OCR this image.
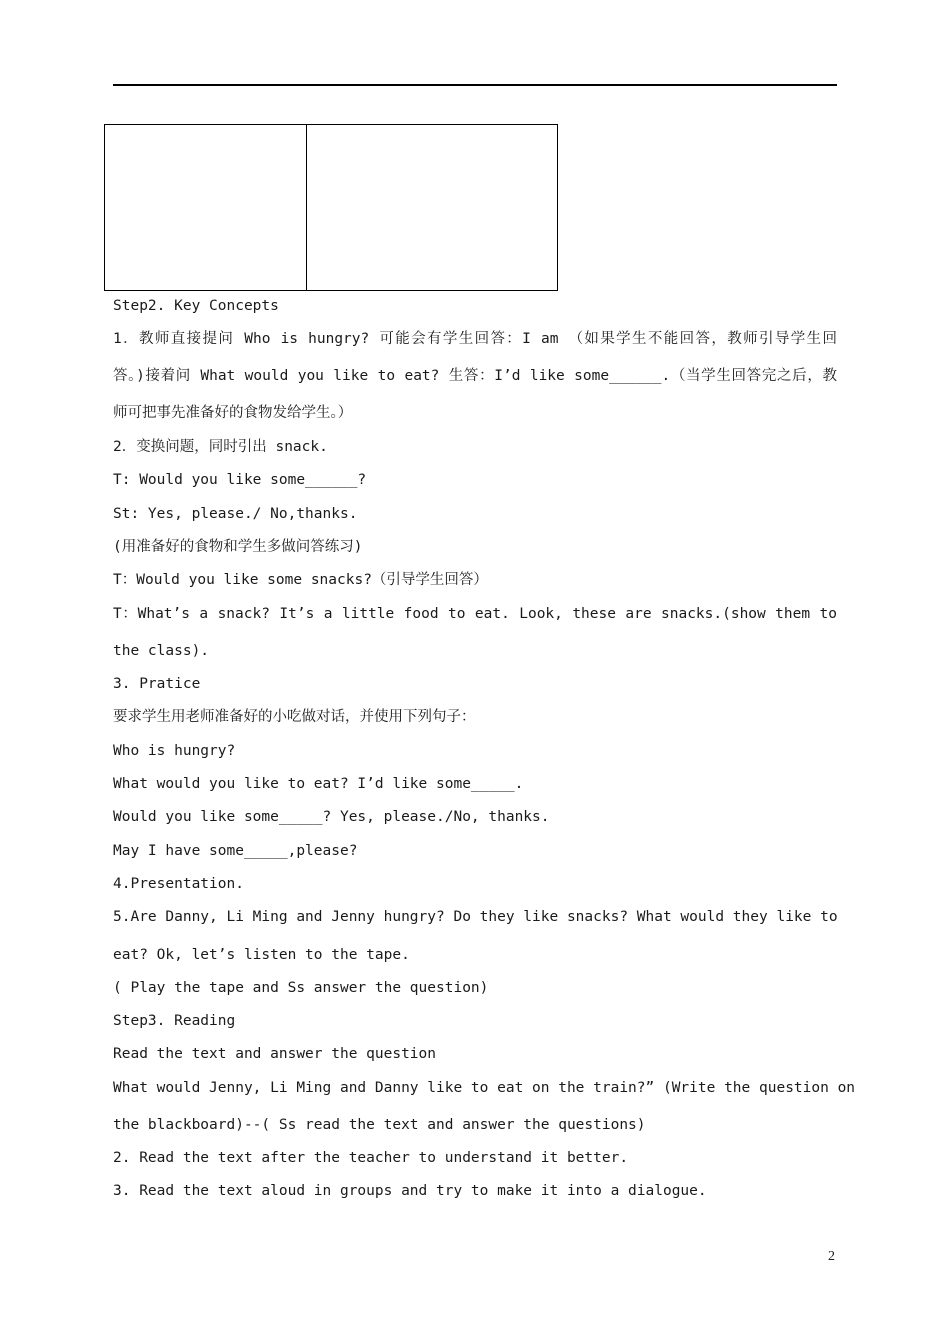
Step2. Key Concepts

1．教师直接提问 Who is hungry? 可能会有学生回答：I am （如果学生不能回答，教师引导学生回

答。)接着问 What would you like to eat? 生答：I’d like some______.（当学生回答完之后，教

师可把事先准备好的食物发给学生。）

2．变换问题，同时引出 snack.

T: Would you like some______?

St: Yes, please./ No,thanks.

(用准备好的食物和学生多做问答练习)

T：Would you like some snacks?（引导学生回答）

T：What’s a snack? It’s a little food to eat. Look, these are snacks.(show them to

the class).

3. Pratice

要求学生用老师准备好的小吃做对话，并使用下列句子：

Who is hungry?

What would you like to eat? I’d like some_____.

Would you like some_____? Yes, please./No, thanks.

May I have some_____,please?

4.Presentation.

5.Are Danny, Li Ming and Jenny hungry? Do they like snacks? What would they like to

eat? Ok, let’s listen to the tape.

( Play the tape and Ss answer the question)

Step3. Reading

Read the text and answer the question

What would Jenny, Li Ming and Danny like to eat on the train?” (Write the question on

the blackboard)--( Ss read the text and answer the questions)

2. Read the text after the teacher to understand it better.

3. Read the text aloud in groups and try to make it into a dialogue.

2
